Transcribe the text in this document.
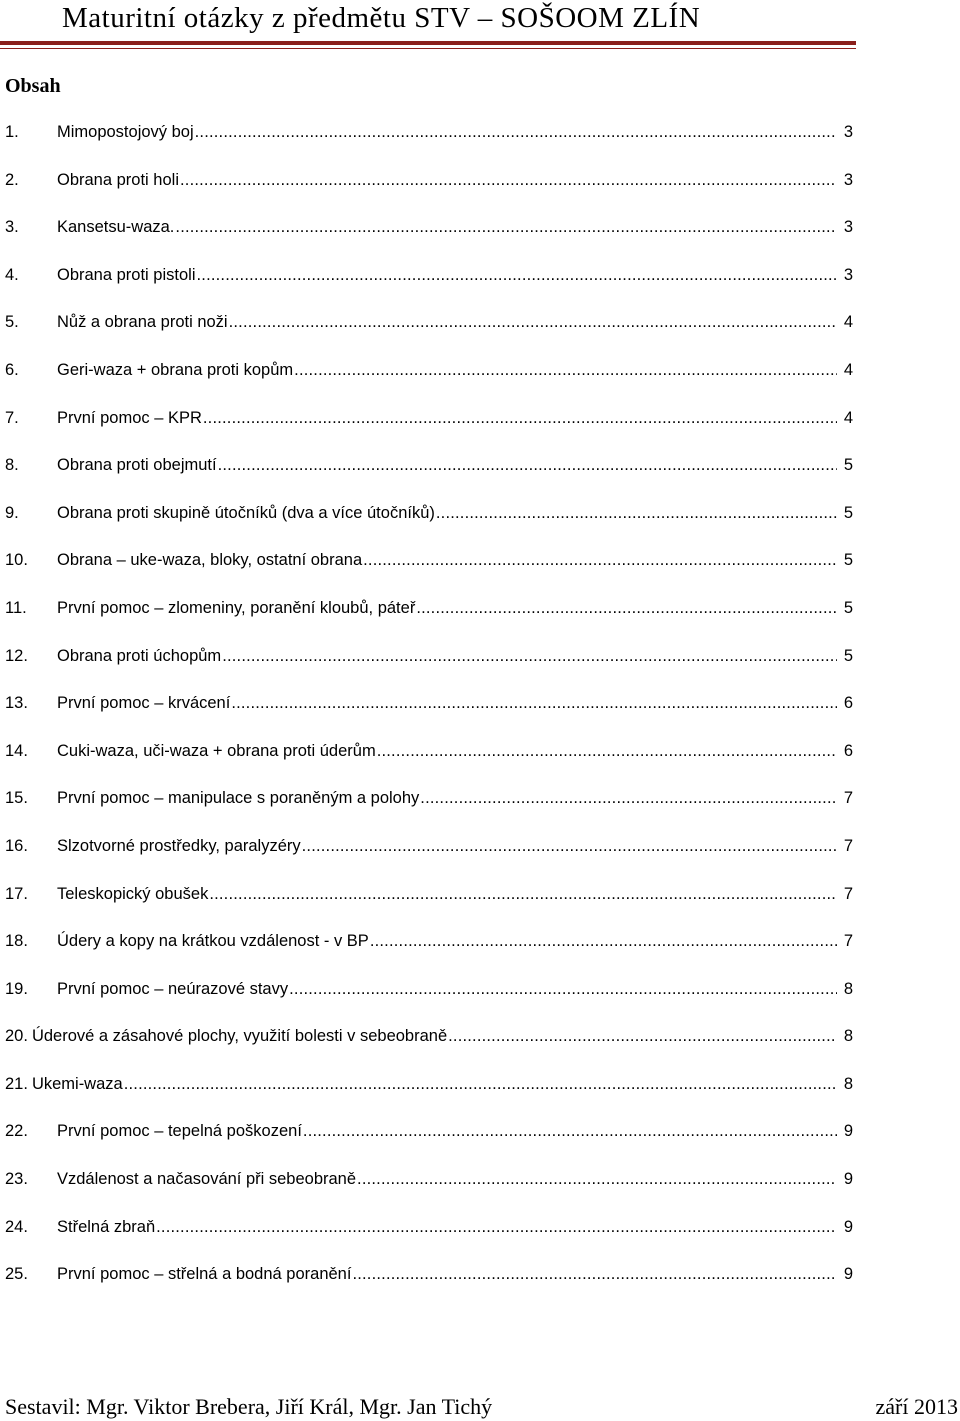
Maturitní otázky z předmětu STV – SOŠOOM ZLÍN
Obsah
1.	Mimopostojový boj .....	3
2.	Obrana proti holi .....	3
3.	Kansetsu-waza. .....	3
4.	Obrana proti pistoli .....	3
5.	Nůž a obrana proti noži .....	4
6.	Geri-waza + obrana proti kopům .....	4
7.	První pomoc – KPR .....	4
8.	Obrana proti obejmutí .....	5
9.	Obrana proti skupině útočníků (dva a více útočníků) .....	5
10.	Obrana – uke-waza, bloky, ostatní obrana .....	5
11.	První pomoc – zlomeniny, poranění kloubů, páteř .....	5
12.	Obrana proti úchopům .....	5
13.	První pomoc – krvácení .....	6
14.	Cuki-waza, uči-waza + obrana proti úderům .....	6
15.	První pomoc – manipulace s poraněným a polohy .....	7
16.	Slzotvorné prostředky, paralyzéry .....	7
17.	Teleskopický obušek .....	7
18.	Údery a kopy na krátkou vzdálenost - v BP .....	7
19.	První pomoc – neúrazové stavy .....	8
20. Úderové a zásahové plochy, využití bolesti v sebeobraně .....	8
21. Ukemi-waza .....	8
22.	První pomoc – tepelná poškození .....	9
23.	Vzdálenost a načasování při sebeobraně .....	9
24.	Střelná zbraň .....	9
25.	První pomoc – střelná a bodná poranění .....	9
Sestavil: Mgr. Viktor Brebera, Jiří Král, Mgr. Jan Tichý	září 2013
